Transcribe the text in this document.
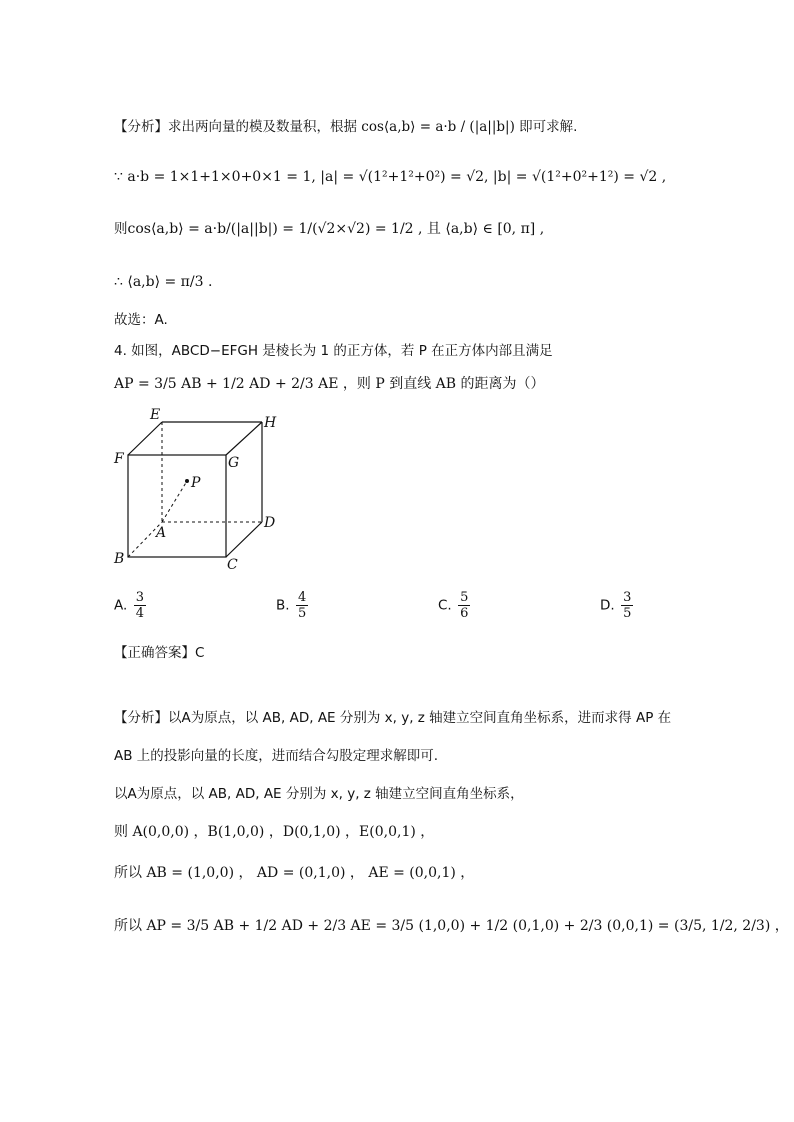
【分析】求出两向量的模及数量积，根据 cos⟨a,b⟩ = a·b / (|a||b|) 即可求解.
∵ a·b = 1×1+1×0+0×1 = 1, |a| = √(1²+1²+0²) = √2, |b| = √(1²+0²+1²) = √2 ,
则cos⟨a,b⟩ = a·b/(|a||b|) = 1/(√2×√2) = 1/2 , 且 ⟨a,b⟩ ∈ [0, π] ,
∴ ⟨a,b⟩ = π/3 .
故选：A.
4. 如图，ABCD−EFGH 是棱长为 1 的正方体，若 P 在正方体内部且满足
AP = 3/5 AB + 1/2 AD + 2/3 AE ，则 P 到直线 AB 的距离为（）
E	H
F	G
P
A
D
B	C
A. $\frac{3}{4}$	B. $\frac{4}{5}$	C. $\frac{5}{6}$	D. $\frac{3}{5}$
【正确答案】C
【分析】以A为原点，以 AB, AD, AE 分别为 x, y, z 轴建立空间直角坐标系，进而求得 AP 在
AB 上的投影向量的长度，进而结合勾股定理求解即可.
以A为原点，以 AB, AD, AE 分别为 x, y, z 轴建立空间直角坐标系，
则 A(0,0,0) ，B(1,0,0) ，D(0,1,0) ，E(0,0,1) ，
所以 AB = (1,0,0) ， AD = (0,1,0) ， AE = (0,0,1) ，
所以 AP = 3/5 AB + 1/2 AD + 2/3 AE = 3/5 (1,0,0) + 1/2 (0,1,0) + 2/3 (0,0,1) = (3/5, 1/2, 2/3) ，
